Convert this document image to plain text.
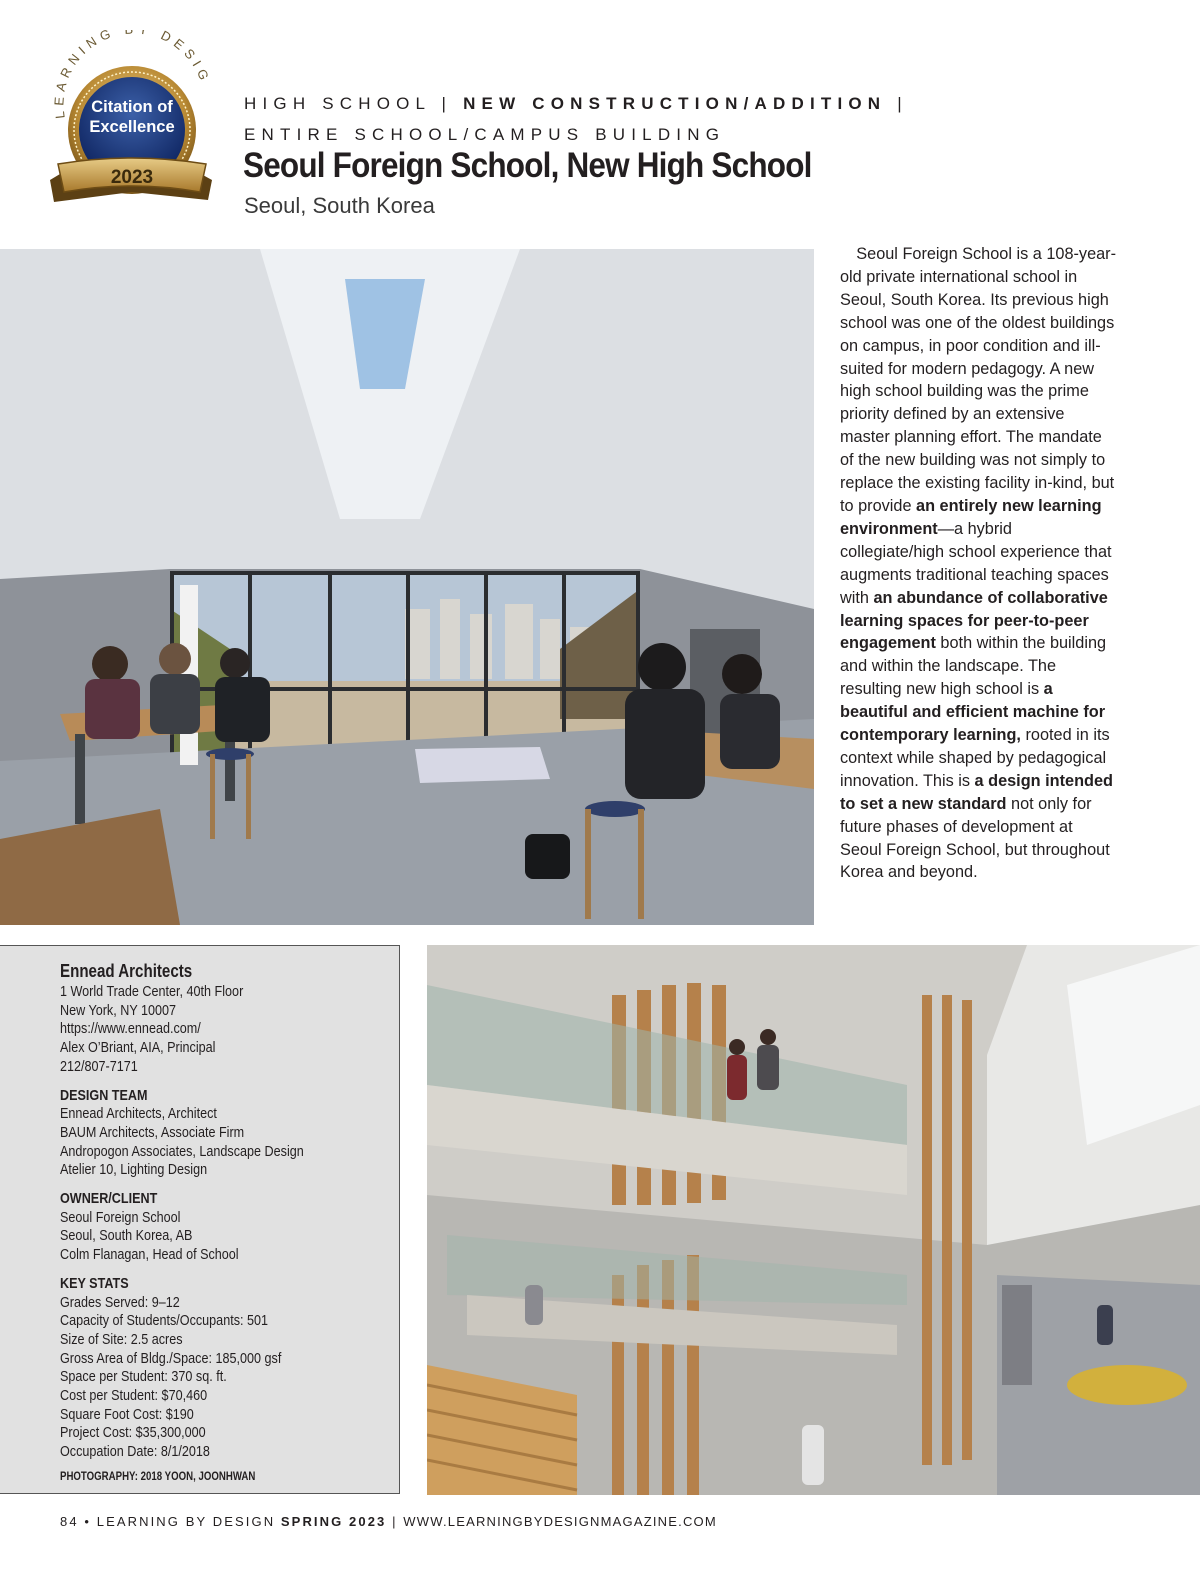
LEARNING Y DESIG
Citation of
Excellence
2023
HIGH SCHOOL | NEW CONSTRUCTION/ADDITION |
ENTIRE SCHOOL/CAMPUS BUILDING
Seoul Foreign School, New High School
Seoul, South Korea

 Seoul Foreign School is a 108-year-old private international school in Seoul, South Korea. Its previous high school was one of the oldest buildings on campus, in poor condition and ill-suited for modern pedagogy. A new high school building was the prime priority defined by an extensive master planning effort. The mandate of the new building was not simply to replace the existing facility in-kind, but to provide an entirely new learning environment—a hybrid collegiate/high school experience that augments traditional teaching spaces with an abundance of collaborative learning spaces for peer-to-peer engagement both within the building and within the landscape. The resulting new high school is a beautiful and efficient machine for contemporary learning, rooted in its context while shaped by pedagogical innovation. This is a design intended to set a new standard not only for future phases of development at Seoul Foreign School, but throughout Korea and beyond.

Ennead Architects
1 World Trade Center, 40th Floor
New York, NY 10007
https://www.ennead.com/
Alex O’Briant, AIA, Principal
212/807-7171
DESIGN TEAM
Ennead Architects, Architect
BAUM Architects, Associate Firm
Andropogon Associates, Landscape Design
Atelier 10, Lighting Design
OWNER/CLIENT
Seoul Foreign School
Seoul, South Korea, AB
Colm Flanagan, Head of School
KEY STATS
Grades Served: 9–12
Capacity of Students/Occupants: 501
Size of Site: 2.5 acres
Gross Area of Bldg./Space: 185,000 gsf
Space per Student: 370 sq. ft.
Cost per Student: $70,460
Square Foot Cost: $190
Project Cost: $35,300,000
Occupation Date: 8/1/2018
PHOTOGRAPHY: 2018 YOON, JOONHWAN
84 • LEARNING BY DESIGN SPRING 2023 | WWW.LEARNINGBYDESIGNMAGAZINE.COM
